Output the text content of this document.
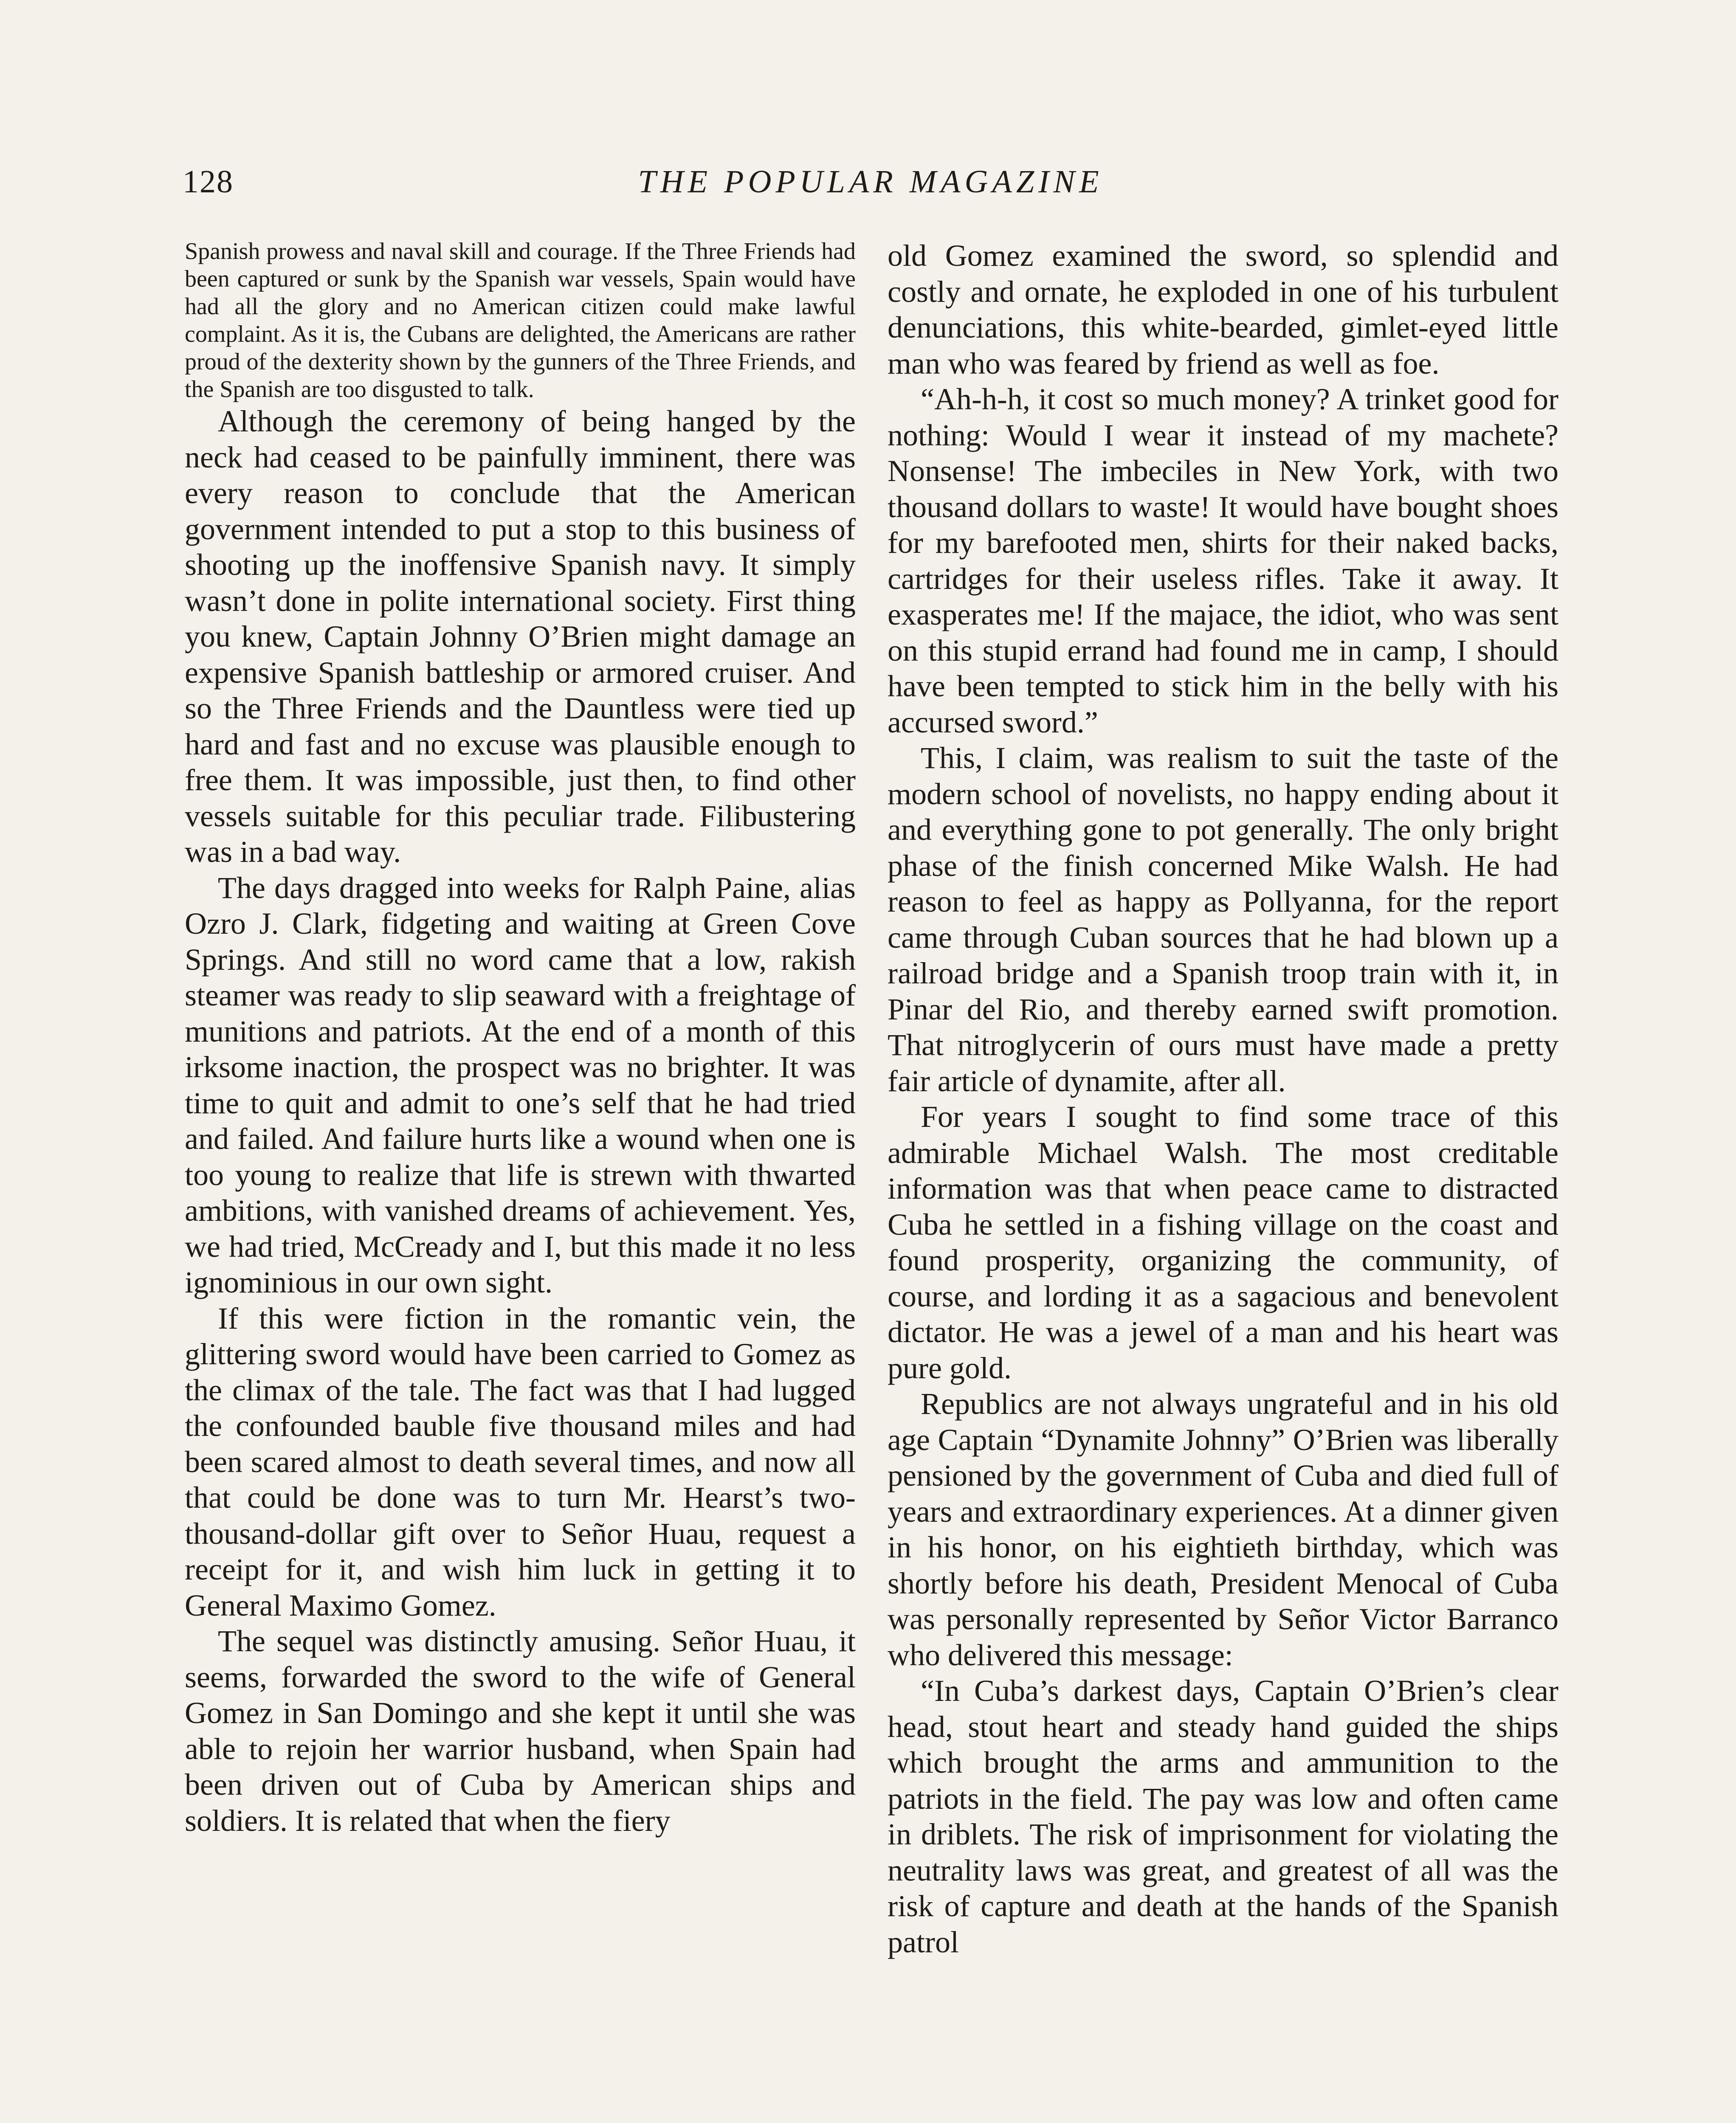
128	THE POPULAR MAGAZINE

Spanish prowess and naval skill and courage. If the Three Friends had been captured or sunk by the Spanish war vessels, Spain would have had all the glory and no American citizen could make lawful complaint. As it is, the Cubans are delighted, the Americans are rather proud of the dexterity shown by the gunners of the Three Friends, and the Spanish are too disgusted to talk.

Although the ceremony of being hanged by the neck had ceased to be painfully imminent, there was every reason to conclude that the American government intended to put a stop to this business of shooting up the inoffensive Spanish navy. It simply wasn’t done in polite international society. First thing you knew, Captain Johnny O’Brien might damage an expensive Spanish battleship or armored cruiser. And so the Three Friends and the Dauntless were tied up hard and fast and no excuse was plausible enough to free them. It was impossible, just then, to find other vessels suitable for this peculiar trade. Filibustering was in a bad way.

The days dragged into weeks for Ralph Paine, alias Ozro J. Clark, fidgeting and waiting at Green Cove Springs. And still no word came that a low, rakish steamer was ready to slip seaward with a freightage of munitions and patriots. At the end of a month of this irksome inaction, the prospect was no brighter. It was time to quit and admit to one’s self that he had tried and failed. And failure hurts like a wound when one is too young to realize that life is strewn with thwarted ambitions, with vanished dreams of achievement. Yes, we had tried, McCready and I, but this made it no less ignominious in our own sight.

If this were fiction in the romantic vein, the glittering sword would have been carried to Gomez as the climax of the tale. The fact was that I had lugged the confounded bauble five thousand miles and had been scared almost to death several times, and now all that could be done was to turn Mr. Hearst’s two-thousand-dollar gift over to Señor Huau, request a receipt for it, and wish him luck in getting it to General Maximo Gomez.

The sequel was distinctly amusing. Señor Huau, it seems, forwarded the sword to the wife of General Gomez in San Domingo and she kept it until she was able to rejoin her warrior husband, when Spain had been driven out of Cuba by American ships and soldiers. It is related that when the fiery

old Gomez examined the sword, so splendid and costly and ornate, he exploded in one of his turbulent denunciations, this white-bearded, gimlet-eyed little man who was feared by friend as well as foe.

“Ah-h-h, it cost so much money? A trinket good for nothing: Would I wear it instead of my machete? Nonsense! The imbeciles in New York, with two thousand dollars to waste! It would have bought shoes for my barefooted men, shirts for their naked backs, cartridges for their useless rifles. Take it away. It exasperates me! If the majace, the idiot, who was sent on this stupid errand had found me in camp, I should have been tempted to stick him in the belly with his accursed sword.”

This, I claim, was realism to suit the taste of the modern school of novelists, no happy ending about it and everything gone to pot generally. The only bright phase of the finish concerned Mike Walsh. He had reason to feel as happy as Pollyanna, for the report came through Cuban sources that he had blown up a railroad bridge and a Spanish troop train with it, in Pinar del Rio, and thereby earned swift promotion. That nitroglycerin of ours must have made a pretty fair article of dynamite, after all.

For years I sought to find some trace of this admirable Michael Walsh. The most creditable information was that when peace came to distracted Cuba he settled in a fishing village on the coast and found prosperity, organizing the community, of course, and lording it as a sagacious and benevolent dictator. He was a jewel of a man and his heart was pure gold.

Republics are not always ungrateful and in his old age Captain “Dynamite Johnny” O’Brien was liberally pensioned by the government of Cuba and died full of years and extraordinary experiences. At a dinner given in his honor, on his eightieth birthday, which was shortly before his death, President Menocal of Cuba was personally represented by Señor Victor Barranco who delivered this message:

“In Cuba’s darkest days, Captain O’Brien’s clear head, stout heart and steady hand guided the ships which brought the arms and ammunition to the patriots in the field. The pay was low and often came in driblets. The risk of imprisonment for violating the neutrality laws was great, and greatest of all was the risk of capture and death at the hands of the Spanish patrol
